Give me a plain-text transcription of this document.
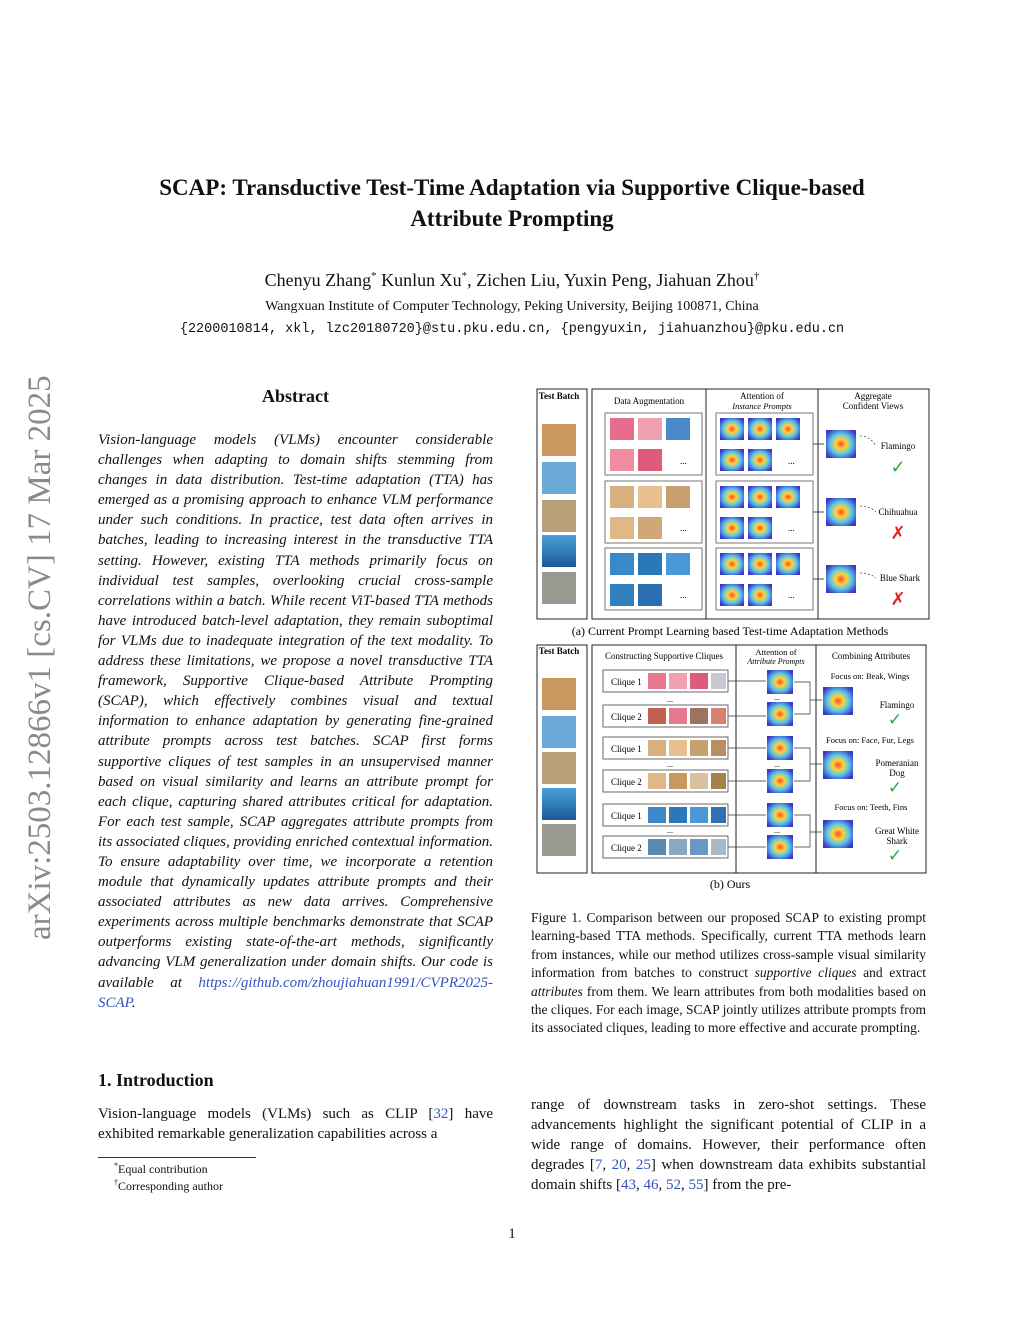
arXiv:2503.12866v1 [cs.CV] 17 Mar 2025
SCAP: Transductive Test-Time Adaptation via Supportive Clique-based
Attribute Prompting
Chenyu Zhang* Kunlun Xu*, Zichen Liu, Yuxin Peng, Jiahuan Zhou†
Wangxuan Institute of Computer Technology, Peking University, Beijing 100871, China
{2200010814, xkl, lzc20180720}@stu.pku.edu.cn, {pengyuxin, jiahuanzhou}@pku.edu.cn
Abstract
Vision-language models (VLMs) encounter considerable challenges when adapting to domain shifts stemming from changes in data distribution. Test-time adaptation (TTA) has emerged as a promising approach to enhance VLM performance under such conditions. In practice, test data often arrives in batches, leading to increasing interest in the transductive TTA setting. However, existing TTA methods primarily focus on individual test samples, overlooking crucial cross-sample correlations within a batch. While recent ViT-based TTA methods have introduced batch-level adaptation, they remain suboptimal for VLMs due to inadequate integration of the text modality. To address these limitations, we propose a novel transductive TTA framework, Supportive Clique-based Attribute Prompting (SCAP), which effectively combines visual and textual information to enhance adaptation by generating fine-grained attribute prompts across test batches. SCAP first forms supportive cliques of test samples in an unsupervised manner based on visual similarity and learns an attribute prompt for each clique, capturing shared attributes critical for adaptation. For each test sample, SCAP aggregates attribute prompts from its associated cliques, providing enriched contextual information. To ensure adaptability over time, we incorporate a retention module that dynamically updates attribute prompts and their associated attributes as new data arrives. Comprehensive experiments across multiple benchmarks demonstrate that SCAP outperforms existing state-of-the-art methods, significantly advancing VLM generalization under domain shifts. Our code is available at https://github.com/zhoujiahuan1991/CVPR2025-SCAP.
1. Introduction
Vision-language models (VLMs) such as CLIP [32] have exhibited remarkable generalization capabilities across a
*Equal contribution
†Corresponding author
range of downstream tasks in zero-shot settings. These advancements highlight the significant potential of CLIP in a wide range of domains. However, their performance often degrades [7, 20, 25] when downstream data exhibits substantial domain shifts [43, 46, 52, 55] from the pre-
Figure 1. Comparison between our proposed SCAP to existing prompt learning-based TTA methods. Specifically, current TTA methods learn from instances, while our method utilizes cross-sample visual similarity information from batches to construct supportive cliques and extract attributes from them. We learn attributes from both modalities based on the cliques. For each image, SCAP jointly utilizes attribute prompts from its associated cliques, leading to more effective and accurate prompting.
1
Test Batch	Data Augmentation	Attention of
Instance Prompts
Aggregate
Confident Views
...
...
...
...
...
...
Flamingo
✓
Chihuahua
✗
Blue Shark
✗
(a) Current Prompt Learning based Test-time Adaptation Methods
Test Batch	Constructing Supportive Cliques	Attention of
Attribute Prompts
Combining Attributes
Clique 1
Clique 2
...
Clique 1
Clique 2
...
Clique 1
Clique 2
...
...
...
...
Focus on: Beak, Wings
Flamingo
✓
Focus on: Face, Fur, Legs
Pomeranian
Dog
✓
Focus on: Teeth, Fins
Great White
Shark
✓
(b) Ours
